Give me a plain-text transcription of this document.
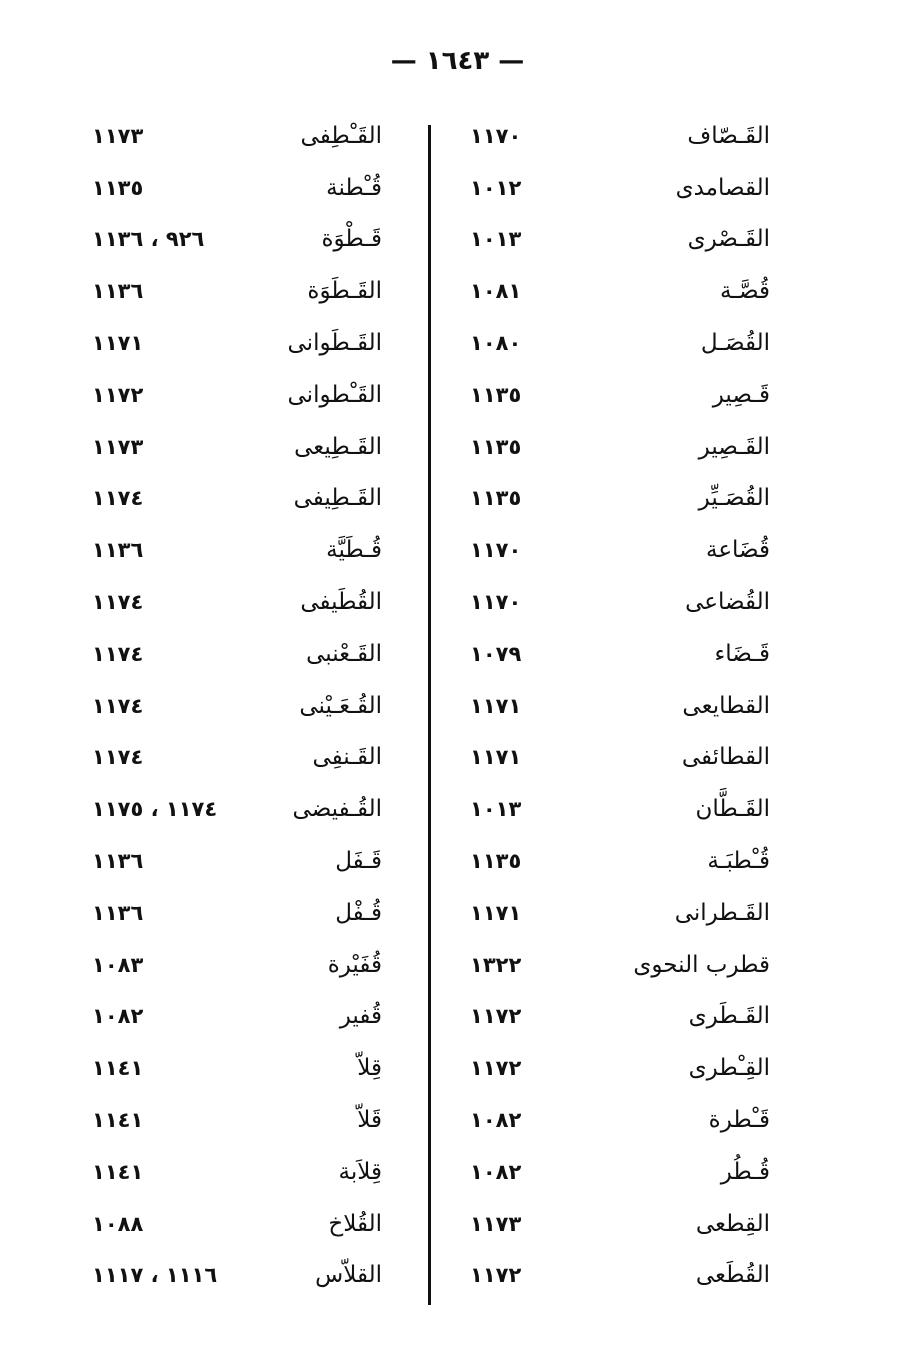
— ١٦٤٣ —
١١٧٠	القَـصّاف
١٠١٢	القصامدى
١٠١٣	القَـصْرى
١٠٨١	قُصَّـة
١٠٨٠	القُصَـل
١١٣٥	قَـصِير
١١٣٥	القَـصِير
١١٣٥	القُصَـيِّر
١١٧٠	قُضَاعة
١١٧٠	القُضاعى
١٠٧٩	قَـضَاء
١١٧١	القطايعى
١١٧١	القطائفى
١٠١٣	القَـطَّان
١١٣٥	قُـْطبَـة
١١٧١	القَـطرانى
١٣٢٢	قطرب النحوى
١١٧٢	القَـطَرى
١١٧٢	القِـْطرى
١٠٨٢	قَـْطرة
١٠٨٢	قُـطُر
١١٧٣	القِطعى
١١٧٢	القُطَعى
١١٧٣	القَـْطِفى
١١٣٥	قُـْطنة
٩٢٦ ، ١١٣٦	قَـطْوَة
١١٣٦	القَـطَوَة
١١٧١	القَـطَوانى
١١٧٢	القَـْطوانى
١١٧٣	القَـطِيعى
١١٧٤	القَـطِيفى
١١٣٦	قُـطَيَّة
١١٧٤	القُطَيفى
١١٧٤	القَـعْنبى
١١٧٤	القُـعَـيْنى
١١٧٤	القَـنفِى
١١٧٤ ، ١١٧٥	القُـفيضى
١١٣٦	قَـفَل
١١٣٦	قُـفْل
١٠٨٣	قُفَيْرة
١٠٨٢	قُفير
١١٤١	قِلاّ
١١٤١	قَلاّ
١١٤١	قِلاَبة
١٠٨٨	القُلاخ
١١١٦ ، ١١١٧	القلاّس
